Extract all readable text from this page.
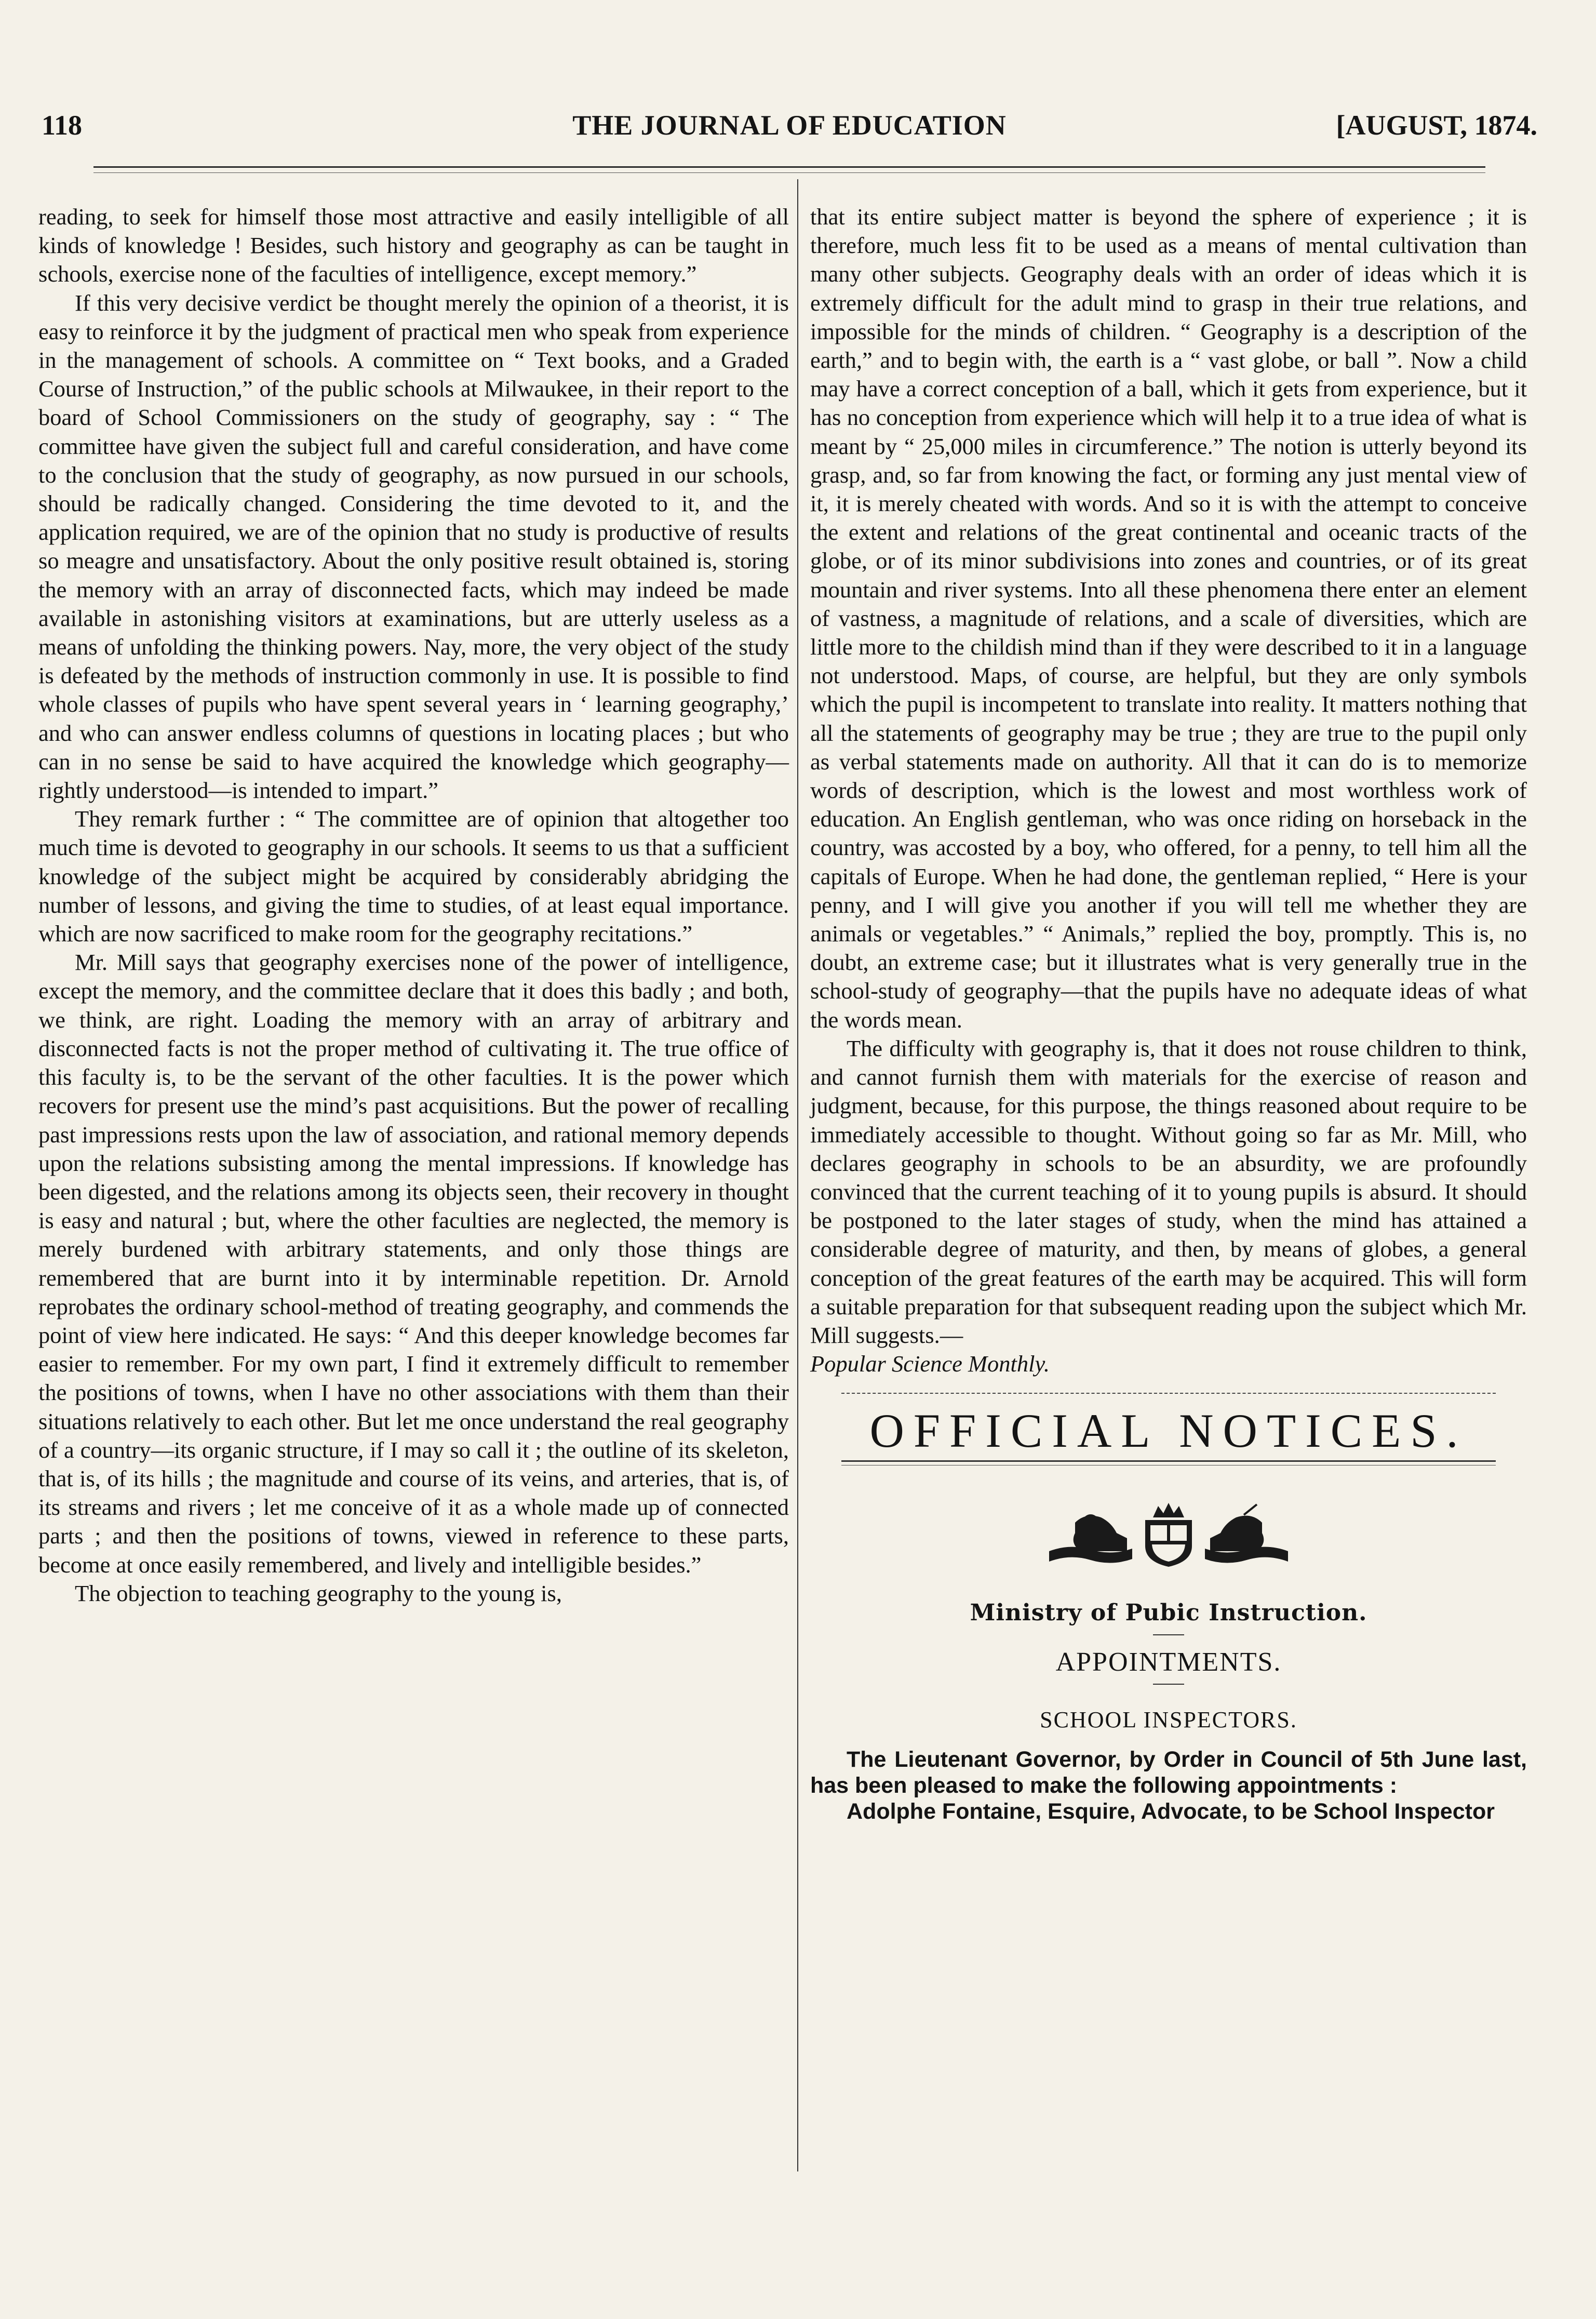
118	THE JOURNAL OF EDUCATION	[AUGUST, 1874.

reading, to seek for himself those most attractive and easily intelligible of all kinds of knowledge ! Besides, such history and geography as can be taught in schools, exercise none of the faculties of intelligence, except memory.”

If this very decisive verdict be thought merely the opinion of a theorist, it is easy to reinforce it by the judgment of practical men who speak from experience in the management of schools. A committee on “ Text books, and a Graded Course of Instruction,” of the public schools at Milwaukee, in their report to the board of School Commissioners on the study of geography, say : “ The committee have given the subject full and careful consideration, and have come to the conclusion that the study of geography, as now pursued in our schools, should be radically changed. Considering the time devoted to it, and the application required, we are of the opinion that no study is productive of results so meagre and unsatisfactory. About the only positive result obtained is, storing the memory with an array of disconnected facts, which may indeed be made available in astonishing visitors at examinations, but are utterly useless as a means of unfolding the thinking powers. Nay, more, the very object of the study is defeated by the methods of instruction commonly in use. It is possible to find whole classes of pupils who have spent several years in ‘ learning geography,’ and who can answer endless columns of questions in locating places ; but who can in no sense be said to have acquired the knowledge which geography—rightly understood—is intended to impart.”

They remark further : “ The committee are of opinion that altogether too much time is devoted to geography in our schools. It seems to us that a sufficient knowledge of the subject might be acquired by considerably abridging the number of lessons, and giving the time to studies, of at least equal importance. which are now sacrificed to make room for the geography recitations.”

Mr. Mill says that geography exercises none of the power of intelligence, except the memory, and the committee declare that it does this badly ; and both, we think, are right. Loading the memory with an array of arbitrary and disconnected facts is not the proper method of cultivating it. The true office of this faculty is, to be the servant of the other faculties. It is the power which recovers for present use the mind’s past acquisitions. But the power of recalling past impressions rests upon the law of association, and rational memory depends upon the relations subsisting among the mental impressions. If knowledge has been digested, and the relations among its objects seen, their recovery in thought is easy and natural ; but, where the other faculties are neglected, the memory is merely burdened with arbitrary statements, and only those things are remembered that are burnt into it by interminable repetition. Dr. Arnold reprobates the ordinary school-method of treating geography, and commends the point of view here indicated. He says: “ And this deeper knowledge becomes far easier to remember. For my own part, I find it extremely difficult to remember the positions of towns, when I have no other associations with them than their situations relatively to each other. But let me once understand the real geography of a country—its organic structure, if I may so call it ; the outline of its skeleton, that is, of its hills ; the magnitude and course of its veins, and arteries, that is, of its streams and rivers ; let me conceive of it as a whole made up of connected parts ; and then the positions of towns, viewed in reference to these parts, become at once easily remembered, and lively and intelligible besides.”

The objection to teaching geography to the young is,

that its entire subject matter is beyond the sphere of experience ; it is therefore, much less fit to be used as a means of mental cultivation than many other subjects. Geography deals with an order of ideas which it is extremely difficult for the adult mind to grasp in their true relations, and impossible for the minds of children. “ Geography is a description of the earth,” and to begin with, the earth is a “ vast globe, or ball ”. Now a child may have a correct conception of a ball, which it gets from experience, but it has no conception from experience which will help it to a true idea of what is meant by “ 25,000 miles in circumference.” The notion is utterly beyond its grasp, and, so far from knowing the fact, or forming any just mental view of it, it is merely cheated with words. And so it is with the attempt to conceive the extent and relations of the great continental and oceanic tracts of the globe, or of its minor subdivisions into zones and countries, or of its great mountain and river systems. Into all these phenomena there enter an element of vastness, a magnitude of relations, and a scale of diversities, which are little more to the childish mind than if they were described to it in a language not understood. Maps, of course, are helpful, but they are only symbols which the pupil is incompetent to translate into reality. It matters nothing that all the statements of geography may be true ; they are true to the pupil only as verbal statements made on authority. All that it can do is to memorize words of description, which is the lowest and most worthless work of education. An English gentleman, who was once riding on horseback in the country, was accosted by a boy, who offered, for a penny, to tell him all the capitals of Europe. When he had done, the gentleman replied, “ Here is your penny, and I will give you another if you will tell me whether they are animals or vegetables.” “ Animals,” replied the boy, promptly. This is, no doubt, an extreme case; but it illustrates what is very generally true in the school-study of geography—that the pupils have no adequate ideas of what the words mean.

The difficulty with geography is, that it does not rouse children to think, and cannot furnish them with materials for the exercise of reason and judgment, because, for this purpose, the things reasoned about require to be immediately accessible to thought. Without going so far as Mr. Mill, who declares geography in schools to be an absurdity, we are profoundly convinced that the current teaching of it to young pupils is absurd. It should be postponed to the later stages of study, when the mind has attained a considerable degree of maturity, and then, by means of globes, a general conception of the great features of the earth may be acquired. This will form a suitable preparation for that subsequent reading upon the subject which Mr. Mill suggests.—
Popular Science Monthly.

OFFICIAL NOTICES.
Ministry of Pubic Instruction.
APPOINTMENTS.
SCHOOL INSPECTORS.

The Lieutenant Governor, by Order in Council of 5th June last, has been pleased to make the following appointments :

Adolphe Fontaine, Esquire, Advocate, to be School Inspector
